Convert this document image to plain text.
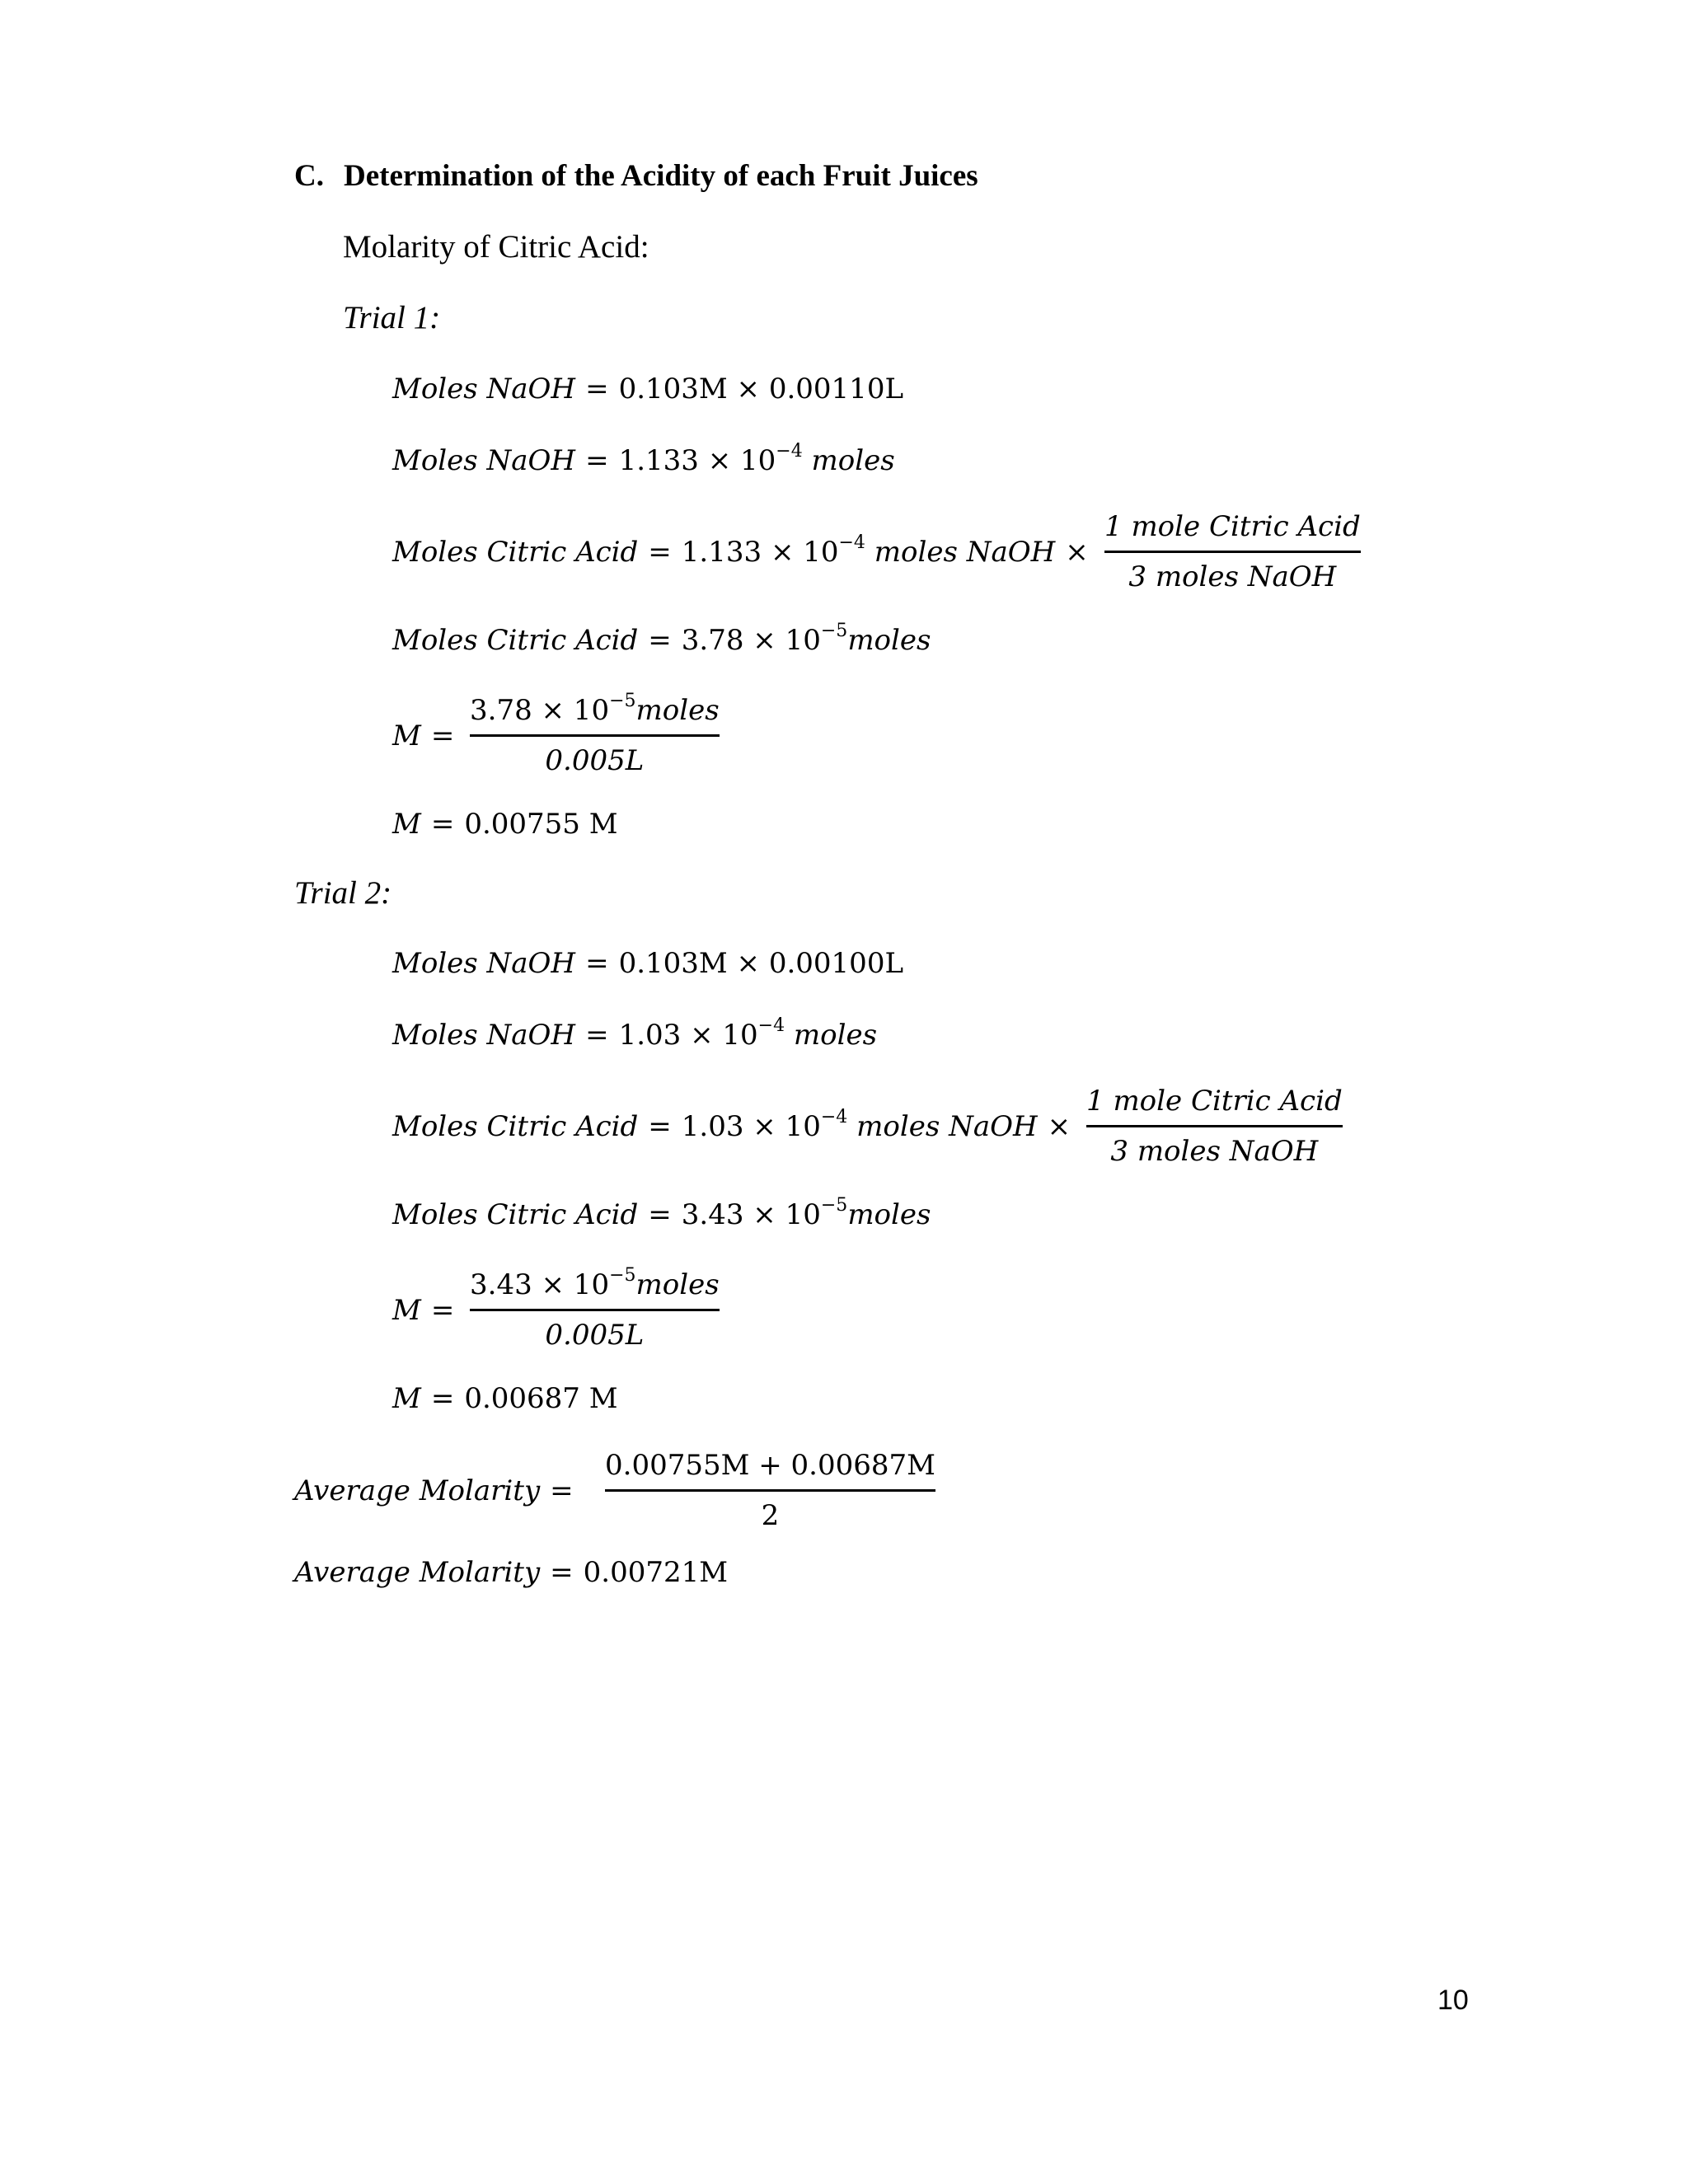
C. Determination of the Acidity of each Fruit Juices
Molarity of Citric Acid:
Trial 1:
Moles NaOH = 0.103M × 0.00110L
Moles NaOH = $1.133 \times 10^{-4}$ moles
Moles Citric Acid = $1.133 \times 10^{-4}$ moles NaOH ×
1 mole Citric Acid
3 moles NaOH
Moles Citric Acid = $3.78 \times 10^{-5}moles$
M =
$3.78 \times 10^{-5}moles$
0.005L
M = 0.00755 M
Trial 2:
Moles NaOH = 0.103M × 0.00100L
Moles NaOH = $1.03 \times 10^{-4}$ moles
Moles Citric Acid = $1.03 \times 10^{-4}$ moles NaOH ×
1 mole Citric Acid
3 moles NaOH
Moles Citric Acid = $3.43 \times 10^{-5}moles$
M =
$3.43 \times 10^{-5}moles$
0.005L
M = 0.00687 M
Average Molarity =
0.00755M + 0.00687M
2
Average Molarity = 0.00721M
10
